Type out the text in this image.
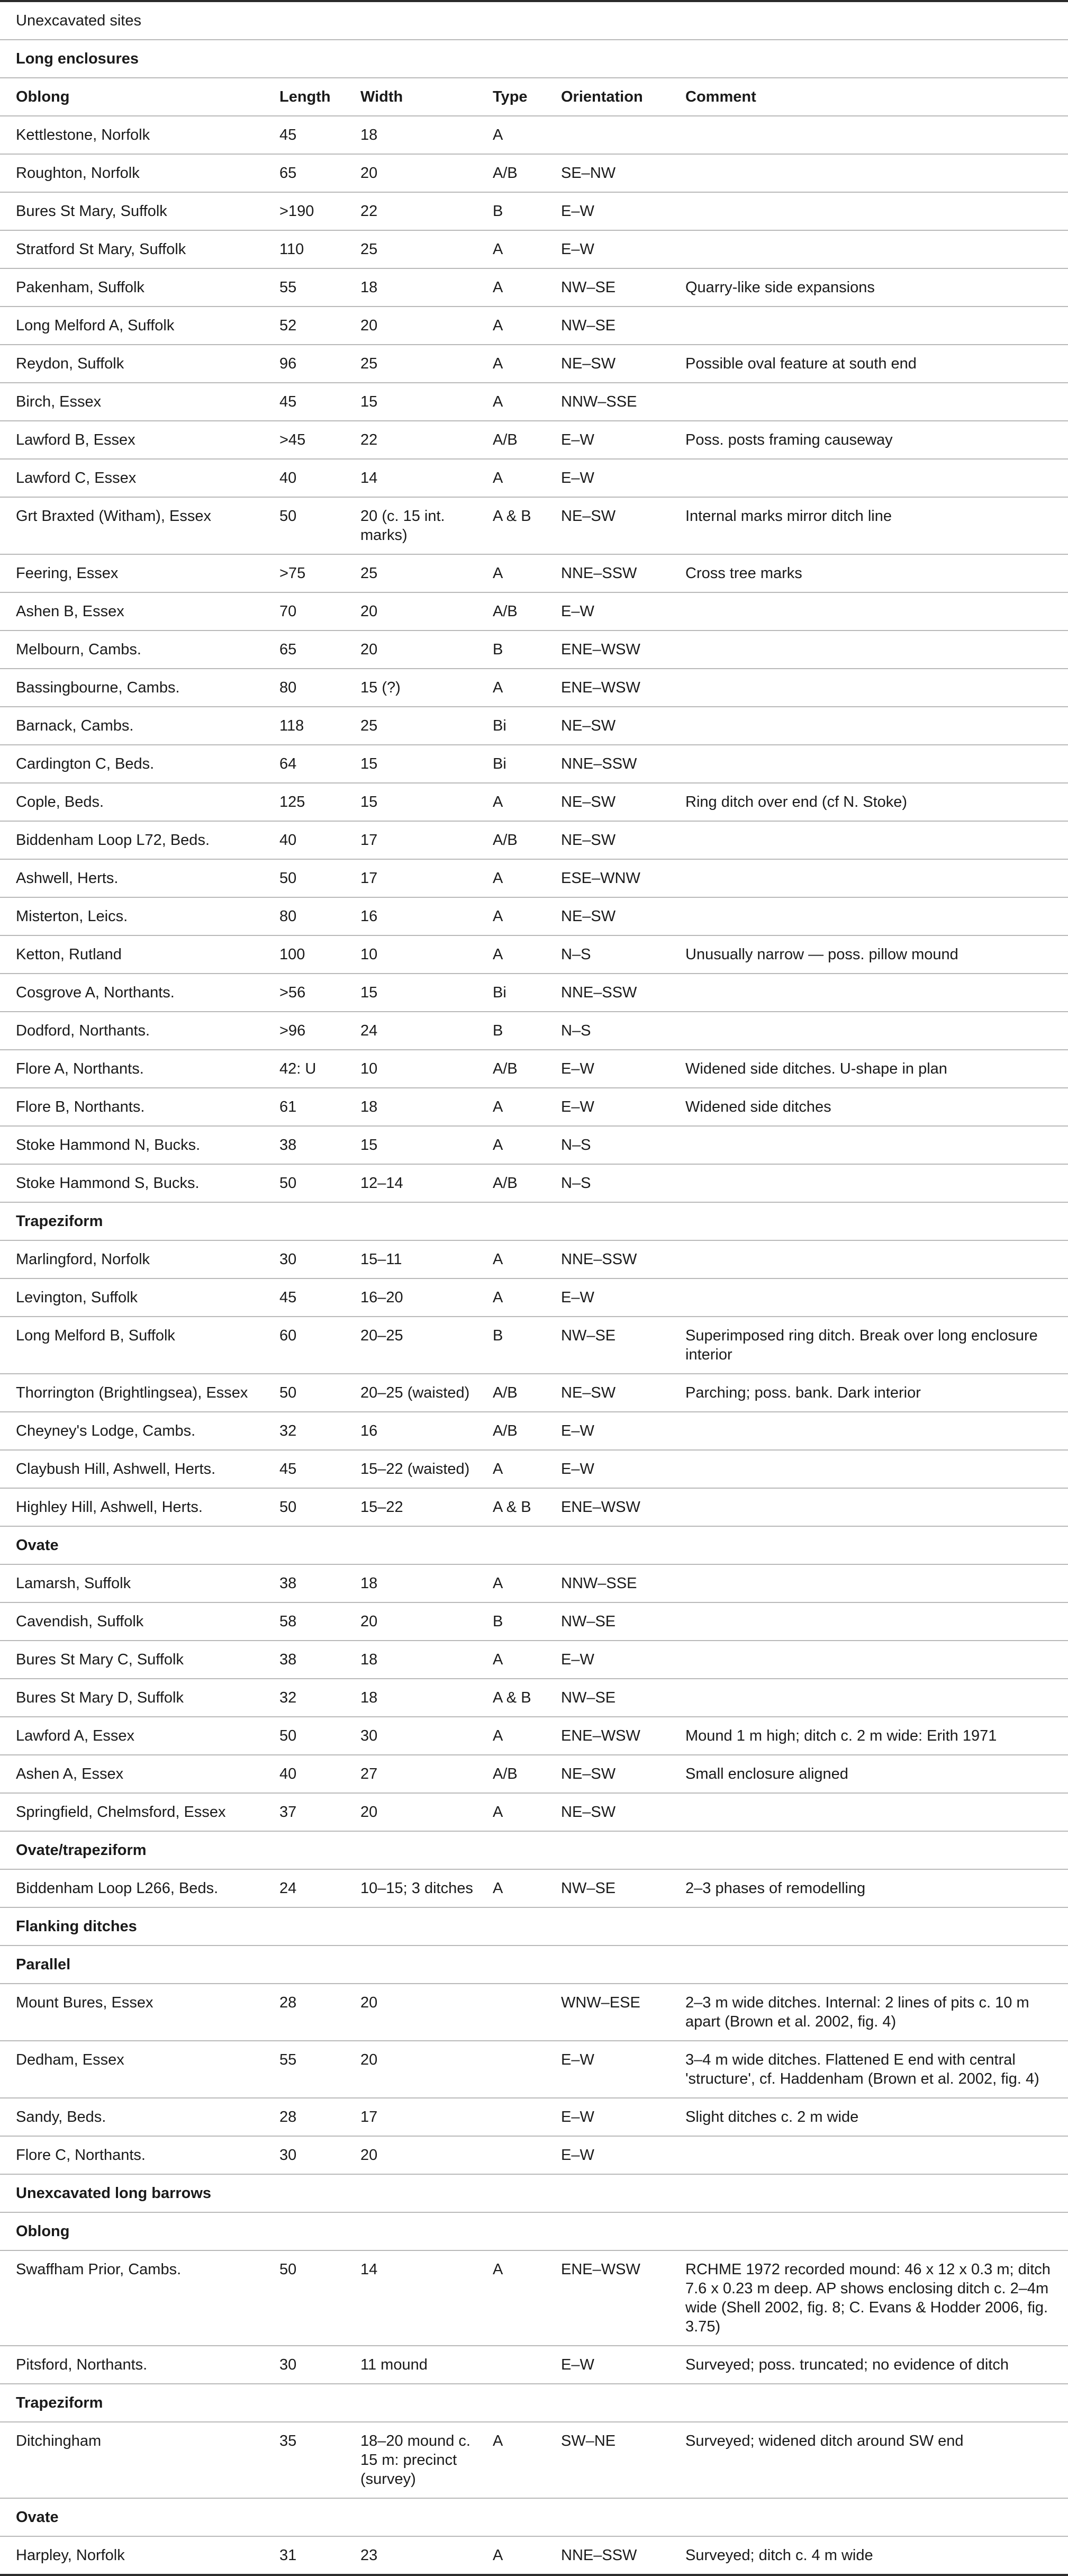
Unexcavated sites					
Long enclosures					
Oblong	Length	Width	Type	Orientation	Comment
Kettlestone, Norfolk	45	18	A		
Roughton, Norfolk	65	20	A/B	SE–NW	
Bures St Mary, Suffolk	>190	22	B	E–W	
Stratford St Mary, Suffolk	110	25	A	E–W	
Pakenham, Suffolk	55	18	A	NW–SE	Quarry-like side expansions
Long Melford A, Suffolk	52	20	A	NW–SE	
Reydon, Suffolk	96	25	A	NE–SW	Possible oval feature at south end
Birch, Essex	45	15	A	NNW–SSE	
Lawford B, Essex	>45	22	A/B	E–W	Poss. posts framing causeway
Lawford C, Essex	40	14	A	E–W	
Grt Braxted (Witham), Essex	50	20 (c. 15 int. marks)	A & B	NE–SW	Internal marks mirror ditch line
Feering, Essex	>75	25	A	NNE–SSW	Cross tree marks
Ashen B, Essex	70	20	A/B	E–W	
Melbourn, Cambs.	65	20	B	ENE–WSW	
Bassingbourne, Cambs.	80	15 (?)	A	ENE–WSW	
Barnack, Cambs.	118	25	Bi	NE–SW	
Cardington C, Beds.	64	15	Bi	NNE–SSW	
Cople, Beds.	125	15	A	NE–SW	Ring ditch over end (cf N. Stoke)
Biddenham Loop L72, Beds.	40	17	A/B	NE–SW	
Ashwell, Herts.	50	17	A	ESE–WNW	
Misterton, Leics.	80	16	A	NE–SW	
Ketton, Rutland	100	10	A	N–S	Unusually narrow — poss. pillow mound
Cosgrove A, Northants.	>56	15	Bi	NNE–SSW	
Dodford, Northants.	>96	24	B	N–S	
Flore A, Northants.	42: U	10	A/B	E–W	Widened side ditches. U-shape in plan
Flore B, Northants.	61	18	A	E–W	Widened side ditches
Stoke Hammond N, Bucks.	38	15	A	N–S	
Stoke Hammond S, Bucks.	50	12–14	A/B	N–S	
Trapeziform					
Marlingford, Norfolk	30	15–11	A	NNE–SSW	
Levington, Suffolk	45	16–20	A	E–W	
Long Melford B, Suffolk	60	20–25	B	NW–SE	Superimposed ring ditch. Break over long enclosure interior
Thorrington (Brightlingsea), Essex	50	20–25 (waisted)	A/B	NE–SW	Parching; poss. bank. Dark interior
Cheyney's Lodge, Cambs.	32	16	A/B	E–W	
Claybush Hill, Ashwell, Herts.	45	15–22 (waisted)	A	E–W	
Highley Hill, Ashwell, Herts.	50	15–22	A & B	ENE–WSW	
Ovate					
Lamarsh, Suffolk	38	18	A	NNW–SSE	
Cavendish, Suffolk	58	20	B	NW–SE	
Bures St Mary C, Suffolk	38	18	A	E–W	
Bures St Mary D, Suffolk	32	18	A & B	NW–SE	
Lawford A, Essex	50	30	A	ENE–WSW	Mound 1 m high; ditch c. 2 m wide: Erith 1971
Ashen A, Essex	40	27	A/B	NE–SW	Small enclosure aligned
Springfield, Chelmsford, Essex	37	20	A	NE–SW	
Ovate/trapeziform					
Biddenham Loop L266, Beds.	24	10–15; 3 ditches	A	NW–SE	2–3 phases of remodelling
Flanking ditches					
Parallel					
Mount Bures, Essex	28	20		WNW–ESE	2–3 m wide ditches. Internal: 2 lines of pits c. 10 m apart (Brown et al. 2002, fig. 4)
Dedham, Essex	55	20		E–W	3–4 m wide ditches. Flattened E end with central 'structure', cf. Haddenham (Brown et al. 2002, fig. 4)
Sandy, Beds.	28	17		E–W	Slight ditches c. 2 m wide
Flore C, Northants.	30	20		E–W	
Unexcavated long barrows					
Oblong					
Swaffham Prior, Cambs.	50	14	A	ENE–WSW	RCHME 1972 recorded mound: 46 x 12 x 0.3 m; ditch 7.6 x 0.23 m deep. AP shows enclosing ditch c. 2–4m wide (Shell 2002, fig. 8; C. Evans & Hodder 2006, fig. 3.75)
Pitsford, Northants.	30	11 mound		E–W	Surveyed; poss. truncated; no evidence of ditch
Trapeziform					
Ditchingham	35	18–20 mound c. 15 m: precinct (survey)	A	SW–NE	Surveyed; widened ditch around SW end
Ovate					
Harpley, Norfolk	31	23	A	NNE–SSW	Surveyed; ditch c. 4 m wide
